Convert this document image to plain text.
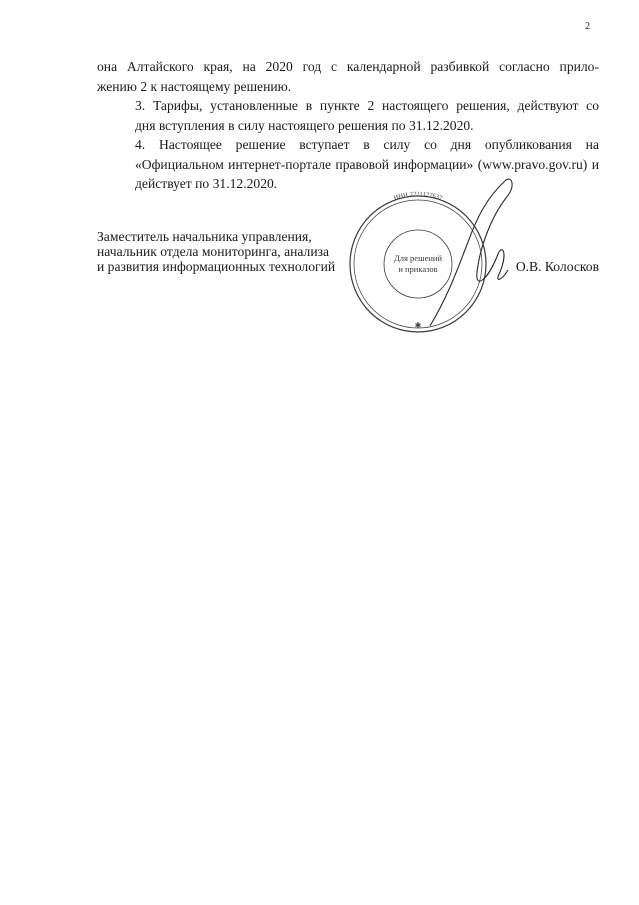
2

она Алтайского края, на 2020 год с календарной разбивкой согласно прило-
жению 2 к настоящему решению.

3. Тарифы, установленные в пункте 2 настоящего решения, действуют со
дня вступления в силу настоящего решения по 31.12.2020.

4. Настоящее решение вступает в силу со дня опубликования на
«Официальном интернет-портале правовой информации» (www.pravo.gov.ru) и
действует по 31.12.2020.

Заместитель начальника управления,
начальник отдела мониторинга, анализа
и развития информационных технологий	О.В. Колосков
ИНН 2221127637
Для решений
и приказов
✱
